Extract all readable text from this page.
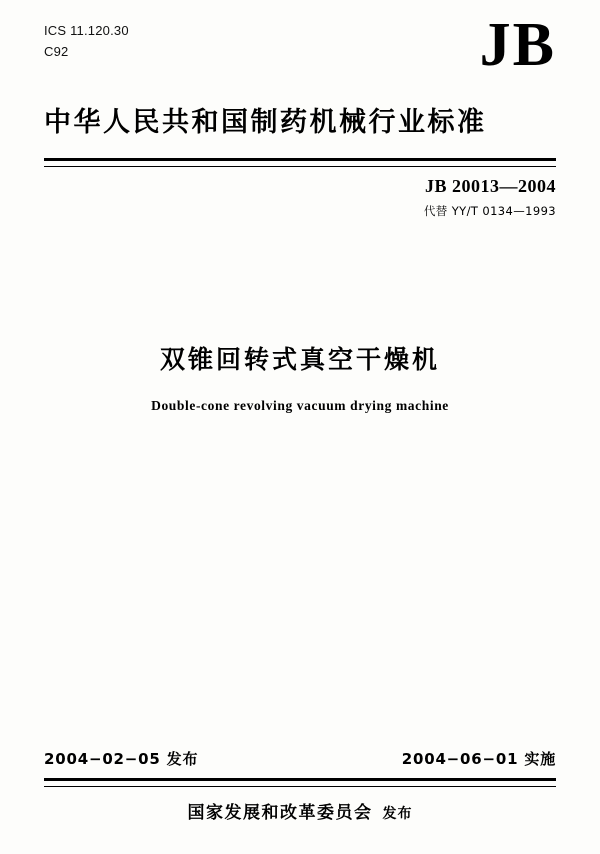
ICS 11.120.30
C92	JB
中华人民共和国制药机械行业标准
JB 20013—2004
代替 YY/T 0134—1993
双锥回转式真空干燥机
Double-cone revolving vacuum drying machine
2004−02−05 发布	2004−06−01 实施
国家发展和改革委员会 发布
